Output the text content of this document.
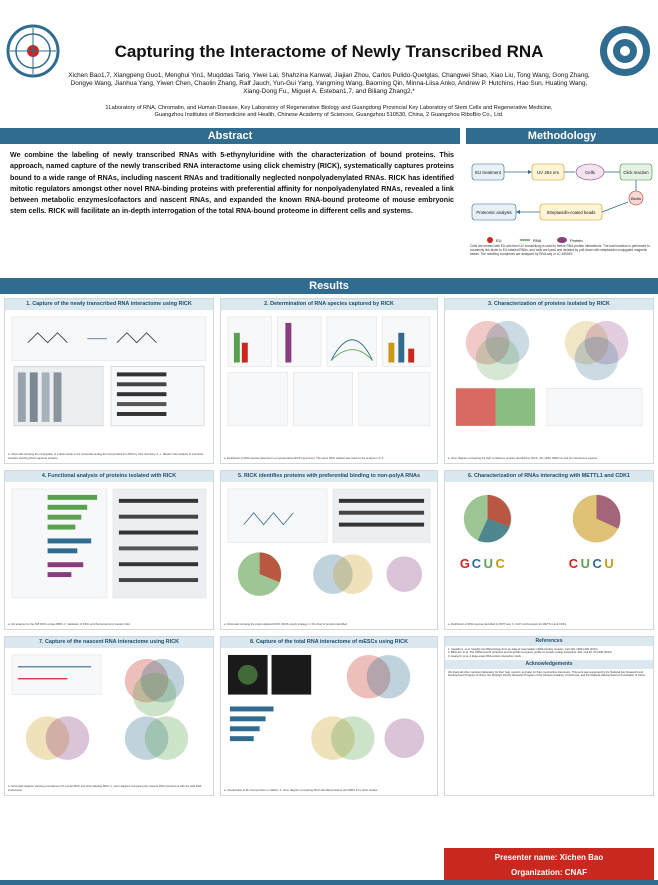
Capturing the Interactome of Newly Transcribed RNA
Xichen Bao1,7, Xiangpeng Guo1, Menghui Yin1, Muqddas Tariq, Yiwei Lai, Shahzina Kanwal, Jiajian Zhou, Carlos Pulido-Quetglas, Changwei Shao, Xiao Liu, Tong Wang, Gong Zhang, Dongye Wang, Jianhua Yang, Yiwen Chen, Chaolin Zhang, Ralf Jauch, Yun-Gui Yang, Yangming Wang, Baoming Qin, Minna-Liisa Anko, Andrew P. Hutchins, Hao Sun, Huating Wang, Xiang-Dong Fu,, Miguel A. Esteban1,7, and Biliang Zhang2,*
1Laboratory of RNA, Chromatin, and Human Disease, Key Laboratory of Regenerative Biology and Guangdong Provincial Key Laboratory of Stem Cells and Regenerative Medicine,
Guangzhou Institutes of Biomedicine and Health, Chinese Academy of Sciences, Guangzhou 510530, China, 2 Guangzhou RiboBio Co., Ltd.
Abstract
We combine the labeling of newly transcribed RNAs with 5-ethynyluridine with the characterization of bound proteins. This approach, named capture of the newly transcribed RNA interactome using click chemistry (RICK), systematically captures proteins bound to a wide range of RNAs, including nascent RNAs and traditionally neglected nonpolyadenylated RNAs. RICK has identified mitotic regulators amongst other novel RNA-binding proteins with preferential affinity for nonpolyadenylated RNAs, revealed a link between metabolic enzymes/cofactors and nascent RNAs, and expanded the known RNA-bound proteome of mouse embryonic stem cells. RICK will facilitate an in-depth interrogation of the total RNA-bound proteome in different cells and systems.
Methodology
EU treatment	UV 254 nm	Cells	Click reaction
Biotin
Proteomic analysis	Streptavidin-coated beads
EU	RNA	Protein
Cells are treated with EU and then UV crosslinking is used to freeze RNA-protein interactions. The total reaction is performed to covalently link biotin to EU-labeled RNAs, and cells are lysed and isolated by pull-down with streptavidin-conjugated magnetic beads. The resulting complexes are analyzed by RNA-seq or LC-MS/MS.
Results
1. Capture of the newly transcribed RNA interactome using RICK
a. Schematic showing the conjugation of a biotin-azide to the nucleotide analog EU incorporated into RNA by click chemistry. b, c. Western blot analysis of pull-down samples showing RICK-captured proteins.
2. Determination of RNA species captured by RICK
a. Distribution of RNA species detected in a representative RICK experiment. The same RICK dataset was used for the analysis in b-h.
3. Characterization of proteins isolated by RICK
a. Venn diagram comparing the high-confidence proteins identified by RICK, the mESC RBPome and the interactome capture.
4. Functional analysis of proteins isolated with RICK
a. GO analysis for the 295 RICK-unique RBPs. b. Validation of RICK-enriched proteins by western blot.
5. RICK identifies proteins with preferential binding to non-polyA RNAs
a. Schematic showing the polyA-depleted RICK (RICK-polyA) strategy. b. Pie chart of proteins identified.
6. Characterization of RNAs interacting with METTL1 and CDK1
G C U C	C U C U
a. Distribution of RNA species identified by RIPT-seq. b. CLIP motif analysis for METTL1 and CDK1.
7. Capture of the nascent RNA interactome using RICK
a. Schematic diagram showing procedures of 5 minute RICK and short labeling RICK. b. Venn diagram comparing the nascent RNA interactome with the total RNA interactome.
8. Capture of the total RNA interactome of mESCs using RICK
a. Visualization of EU incorporation in mESCs. b. Venn diagram comparing RICK-identified proteins with RBPs from other studies.
References
1. Castello A, et al. Insights into RNA biology from an atlas of mammalian mRNA-binding proteins. Cell 149, 1393-1406 (2012).
2. Baltz AG, et al. The mRNA-bound proteome and its global occupancy profile on protein-coding transcripts. Mol. Cell 46, 674-690 (2012).
3. Huang R, et al. A large-scale RNA-protein interaction study.
Acknowledgements
We thank all other members laboratory for their help, support, and also for their constructive discussion. This work was supported by the National Key Research and Development Program of China, the Strategic Priority Research Program of the Chinese Academy of Sciences, and the National Natural Science Foundation of China.
Presenter name: Xichen Bao
Organization: CNAF
